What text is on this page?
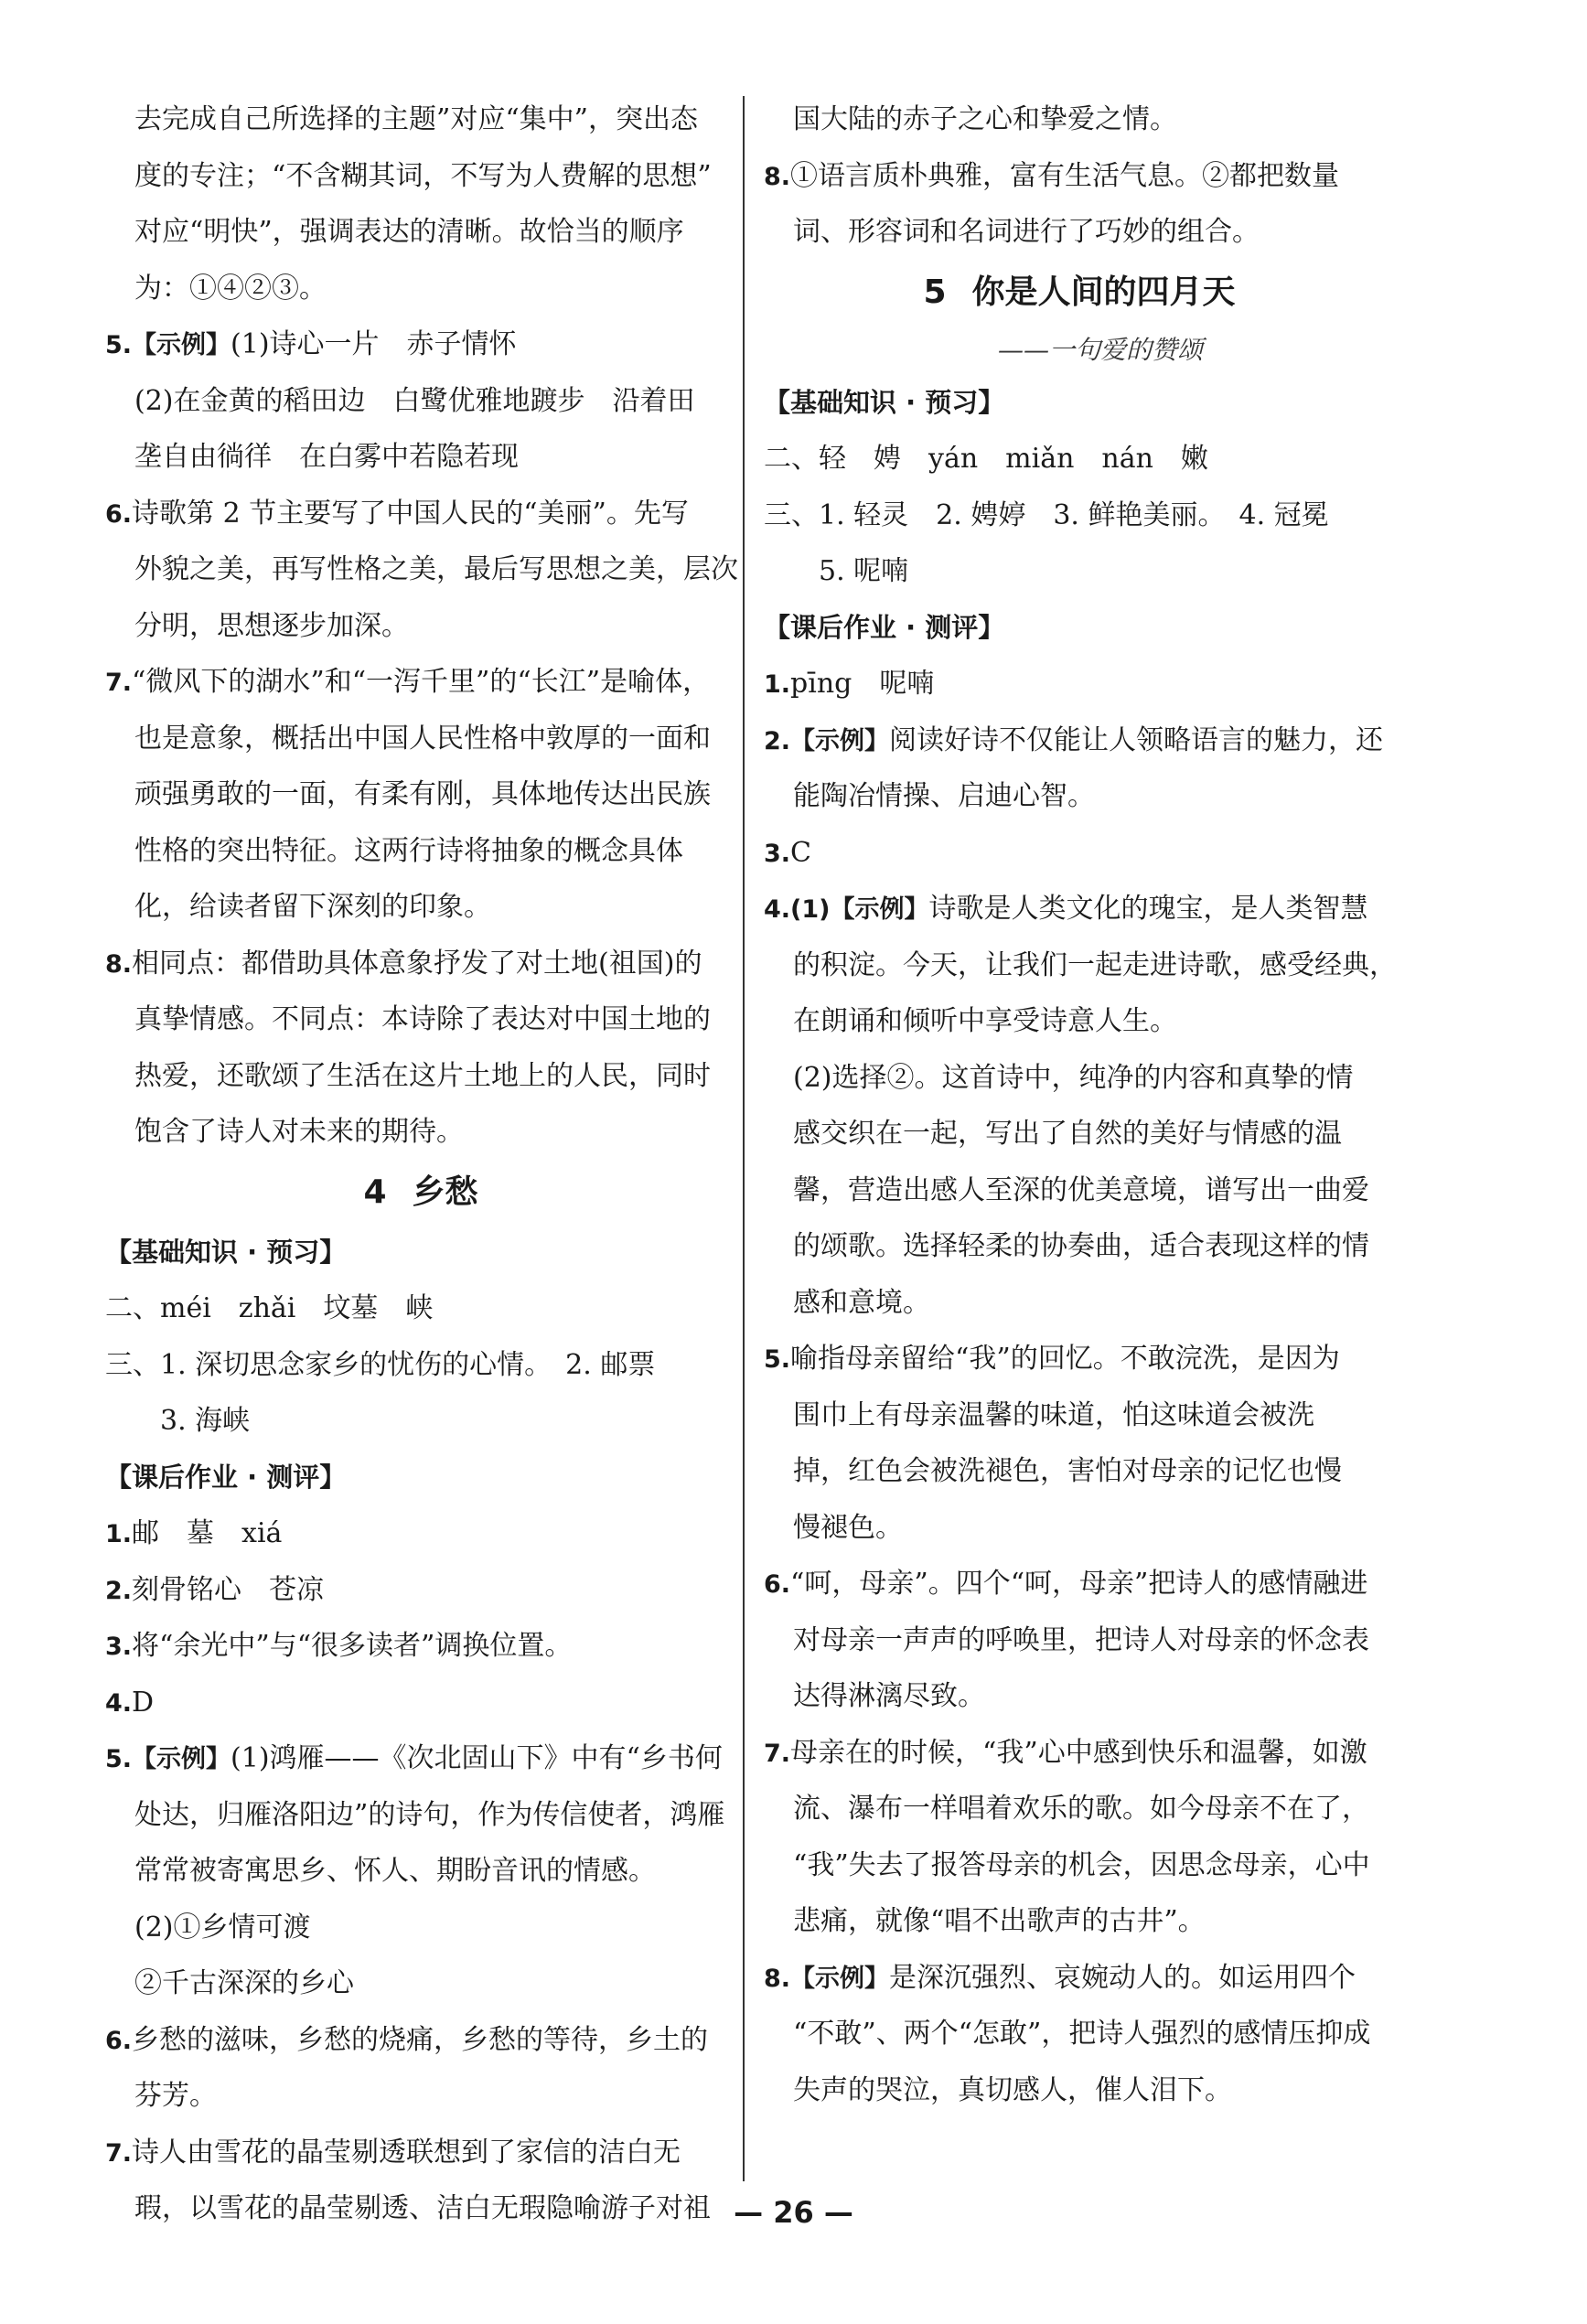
去完成自己所选择的主题”对应“集中”，突出态
度的专注；“不含糊其词，不写为人费解的思想”
对应“明快”，强调表达的清晰。故恰当的顺序
为：①④②③。
5.【示例】(1)诗心一片　赤子情怀
(2)在金黄的稻田边　白鹭优雅地踱步　沿着田
垄自由徜徉　在白雾中若隐若现
6.诗歌第 2 节主要写了中国人民的“美丽”。先写
外貌之美，再写性格之美，最后写思想之美，层次
分明，思想逐步加深。
7.“微风下的湖水”和“一泻千里”的“长江”是喻体，
也是意象，概括出中国人民性格中敦厚的一面和
顽强勇敢的一面，有柔有刚，具体地传达出民族
性格的突出特征。这两行诗将抽象的概念具体
化，给读者留下深刻的印象。
8.相同点：都借助具体意象抒发了对土地(祖国)的
真挚情感。不同点：本诗除了表达对中国土地的
热爱，还歌颂了生活在这片土地上的人民，同时
饱含了诗人对未来的期待。
4 乡愁
【基础知识 · 预习】
二、méi　zhǎi　坟墓　峡
三、1. 深切思念家乡的忧伤的心情。　2. 邮票
3. 海峡
【课后作业 · 测评】
1.邮　墓　xiá
2.刻骨铭心　苍凉
3.将“余光中”与“很多读者”调换位置。
4.D
5.【示例】(1)鸿雁——《次北固山下》中有“乡书何
处达，归雁洛阳边”的诗句，作为传信使者，鸿雁
常常被寄寓思乡、怀人、期盼音讯的情感。
(2)①乡情可渡
②千古深深的乡心
6.乡愁的滋味，乡愁的烧痛，乡愁的等待，乡土的
芬芳。
7.诗人由雪花的晶莹剔透联想到了家信的洁白无
瑕，以雪花的晶莹剔透、洁白无瑕隐喻游子对祖
国大陆的赤子之心和挚爱之情。
8.①语言质朴典雅，富有生活气息。②都把数量
词、形容词和名词进行了巧妙的组合。
5 你是人间的四月天
——一句爱的赞颂
【基础知识 · 预习】
二、轻　娉　yán　miǎn　nán　嫩
三、1. 轻灵　2. 娉婷　3. 鲜艳美丽。　4. 冠冕
5. 呢喃
【课后作业 · 测评】
1.pīng　呢喃
2.【示例】阅读好诗不仅能让人领略语言的魅力，还
能陶冶情操、启迪心智。
3.C
4.(1)【示例】诗歌是人类文化的瑰宝，是人类智慧
的积淀。今天，让我们一起走进诗歌，感受经典，
在朗诵和倾听中享受诗意人生。
(2)选择②。这首诗中，纯净的内容和真挚的情
感交织在一起，写出了自然的美好与情感的温
馨，营造出感人至深的优美意境，谱写出一曲爱
的颂歌。选择轻柔的协奏曲，适合表现这样的情
感和意境。
5.喻指母亲留给“我”的回忆。不敢浣洗，是因为
围巾上有母亲温馨的味道，怕这味道会被洗
掉，红色会被洗褪色，害怕对母亲的记忆也慢
慢褪色。
6.“呵，母亲”。四个“呵，母亲”把诗人的感情融进
对母亲一声声的呼唤里，把诗人对母亲的怀念表
达得淋漓尽致。
7.母亲在的时候，“我”心中感到快乐和温馨，如激
流、瀑布一样唱着欢乐的歌。如今母亲不在了，
“我”失去了报答母亲的机会，因思念母亲，心中
悲痛，就像“唱不出歌声的古井”。
8.【示例】是深沉强烈、哀婉动人的。如运用四个
“不敢”、两个“怎敢”，把诗人强烈的感情压抑成
失声的哭泣，真切感人，催人泪下。
— 26 —
